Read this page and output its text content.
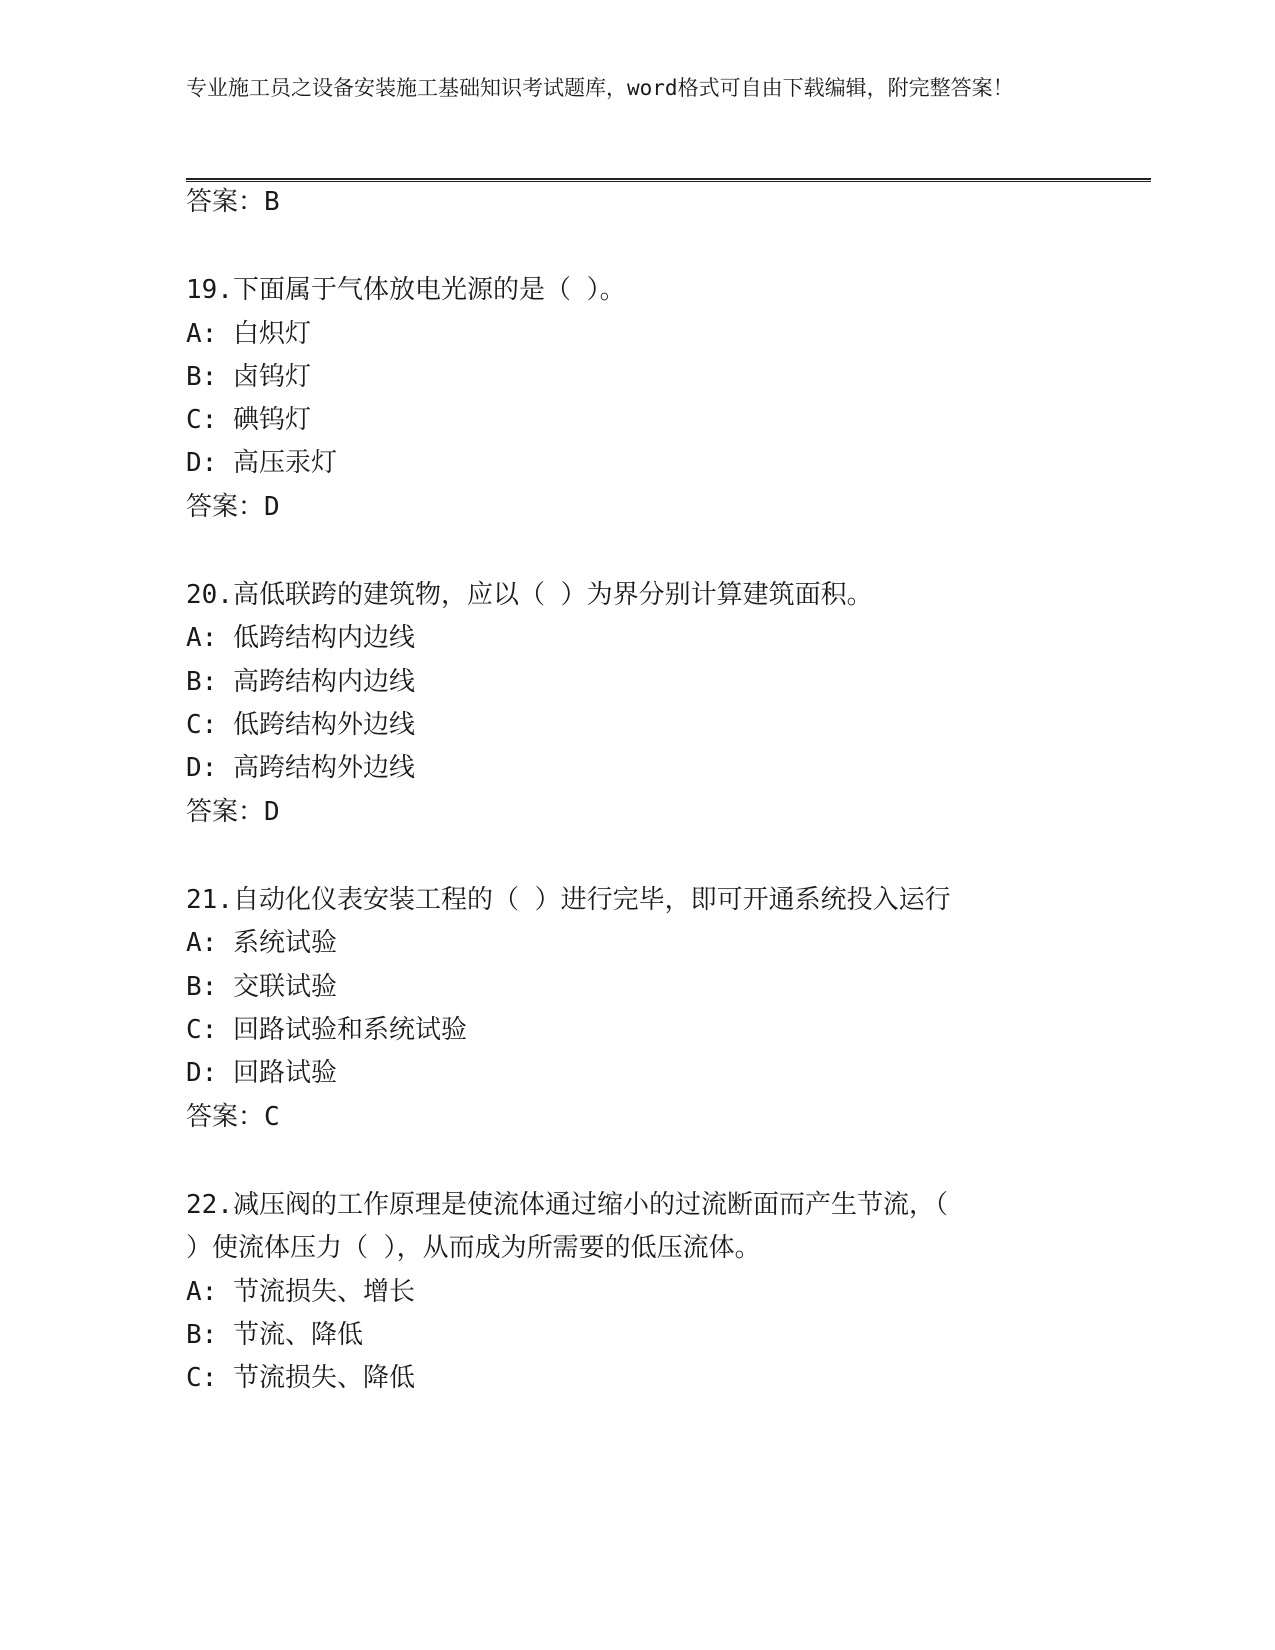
专业施工员之设备安装施工基础知识考试题库，word格式可自由下载编辑，附完整答案！
答案：B
19.下面属于气体放电光源的是（ ）。
A: 白炽灯
B: 卤钨灯
C: 碘钨灯
D: 高压汞灯
答案：D
20.高低联跨的建筑物，应以（ ）为界分别计算建筑面积。
A: 低跨结构内边线
B: 高跨结构内边线
C: 低跨结构外边线
D: 高跨结构外边线
答案：D
21.自动化仪表安装工程的（ ）进行完毕，即可开通系统投入运行
A: 系统试验
B: 交联试验
C: 回路试验和系统试验
D: 回路试验
答案：C
22.减压阀的工作原理是使流体通过缩小的过流断面而产生节流，（
）使流体压力（ ），从而成为所需要的低压流体。
A: 节流损失、增长
B: 节流、降低
C: 节流损失、降低
